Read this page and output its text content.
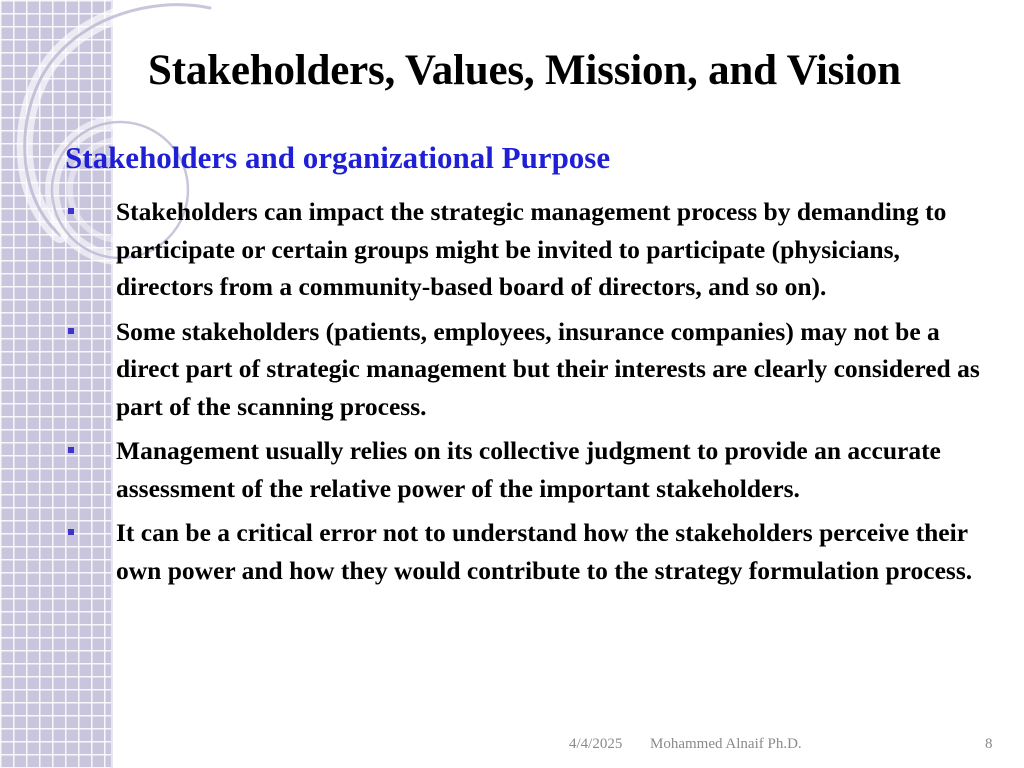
Stakeholders, Values, Mission, and Vision
Stakeholders and organizational Purpose
Stakeholders can impact the strategic management process by demanding to participate or certain groups might be invited to participate (physicians, directors from a community-based board of directors, and so on).
Some stakeholders (patients, employees, insurance companies) may not be a direct part of strategic management but their interests are clearly considered as part of the scanning process.
Management usually relies on its collective judgment to provide an accurate assessment of the relative power of the important stakeholders.
It can be a critical error not to understand how the stakeholders perceive their own power and how they would contribute to the strategy formulation process.
4/4/2025 Mohammed Alnaif Ph.D.	8
